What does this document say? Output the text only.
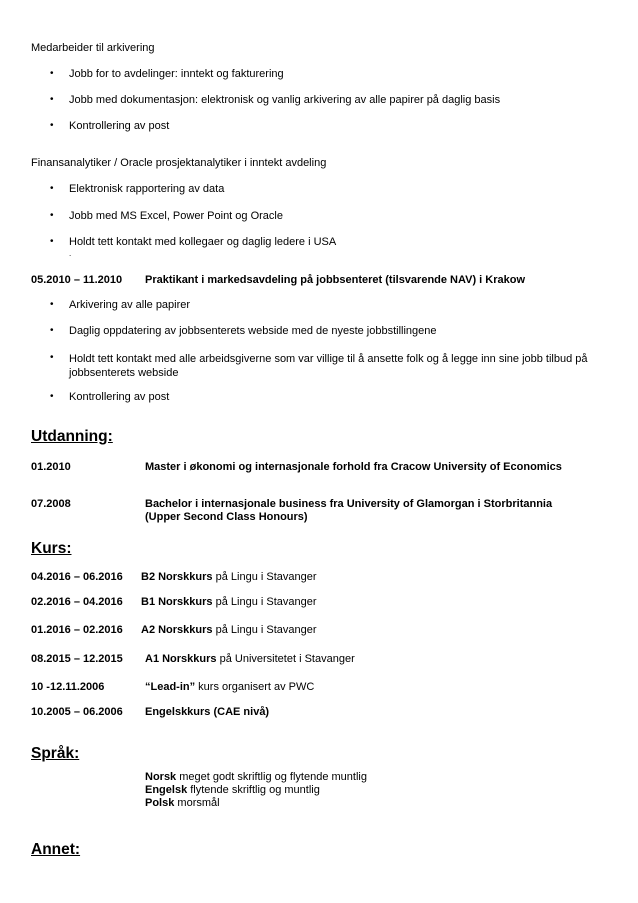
Medarbeider til arkivering
• Jobb for to avdelinger: inntekt og fakturering
• Jobb med dokumentasjon: elektronisk og vanlig arkivering av alle papirer på daglig basis
• Kontrollering av post
Finansanalytiker / Oracle prosjektanalytiker i inntekt avdeling
• Elektronisk rapportering av data
• Jobb med MS Excel, Power Point og Oracle
• Holdt tett kontakt med kollegaer og daglig ledere i USA
.
05.2010 – 11.2010 Praktikant i markedsavdeling på jobbsenteret (tilsvarende NAV) i Krakow
• Arkivering av alle papirer
• Daglig oppdatering av jobbsenterets webside med de nyeste jobbstillingene
• Holdt tett kontakt med alle arbeidsgiverne som var villige til å ansette folk og å legge inn sine jobb tilbud på jobbsenterets webside
• Kontrollering av post
Utdanning:
01.2010	Master i økonomi og internasjonale forhold fra Cracow University of Economics
07.2008	Bachelor i internasjonale business fra University of Glamorgan i Storbritannia (Upper Second Class Honours)
Kurs:
04.2016 – 06.2016 B2 Norskkurs på Lingu i Stavanger
02.2016 – 04.2016 B1 Norskkurs på Lingu i Stavanger
01.2016 – 02.2016 A2 Norskkurs på Lingu i Stavanger
08.2015 – 12.2015 A1 Norskkurs på Universitetet i Stavanger
10 -12.11.2006	“Lead-in” kurs organisert av PWC
10.2005 – 06.2006 Engelskkurs (CAE nivå)
Språk:
Norsk meget godt skriftlig og flytende muntlig
Engelsk flytende skriftlig og muntlig
Polsk morsmål
Annet:
